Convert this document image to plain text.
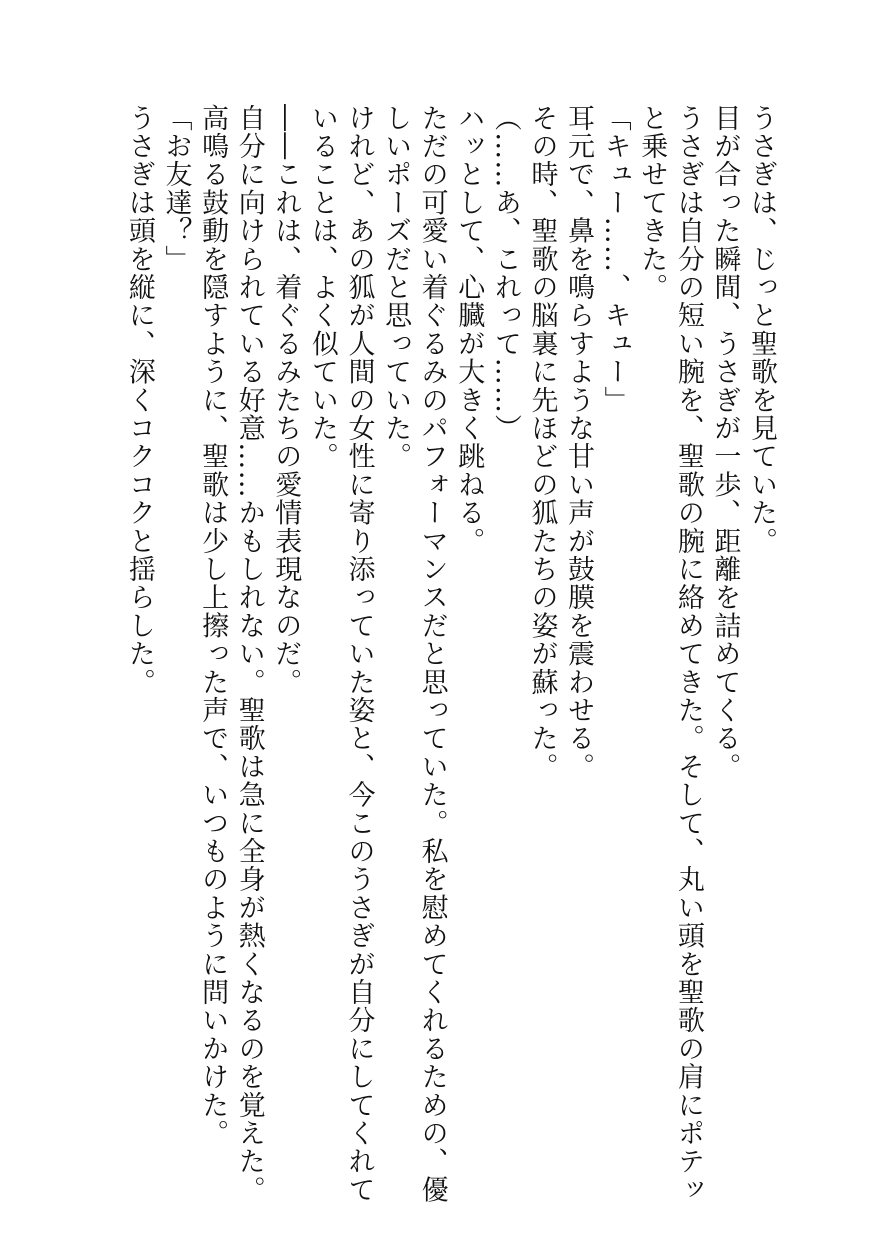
うさぎは、じっと聖歌を見ていた。
目が合った瞬間、うさぎが一歩、距離を詰めてくる。
うさぎは自分の短い腕を、聖歌の腕に絡めてきた。そして、丸い頭を聖歌の肩にポテッ
と乗せてきた。
「キュー……、キュー」
耳元で、鼻を鳴らすような甘い声が鼓膜を震わせる。
その時、聖歌の脳裏に先ほどの狐たちの姿が蘇った。
（……あ、これって……）
ハッとして、心臓が大きく跳ねる。
ただの可愛い着ぐるみのパフォーマンスだと思っていた。私を慰めてくれるための、優
しいポーズだと思っていた。
けれど、あの狐が人間の女性に寄り添っていた姿と、今このうさぎが自分にしてくれて
いることは、よく似ていた。
――これは、着ぐるみたちの愛情表現なのだ。
自分に向けられている好意……かもしれない。聖歌は急に全身が熱くなるのを覚えた。
高鳴る鼓動を隠すように、聖歌は少し上擦った声で、いつものように問いかけた。
「お友達？」
うさぎは頭を縦に、深くコクコクと揺らした。
